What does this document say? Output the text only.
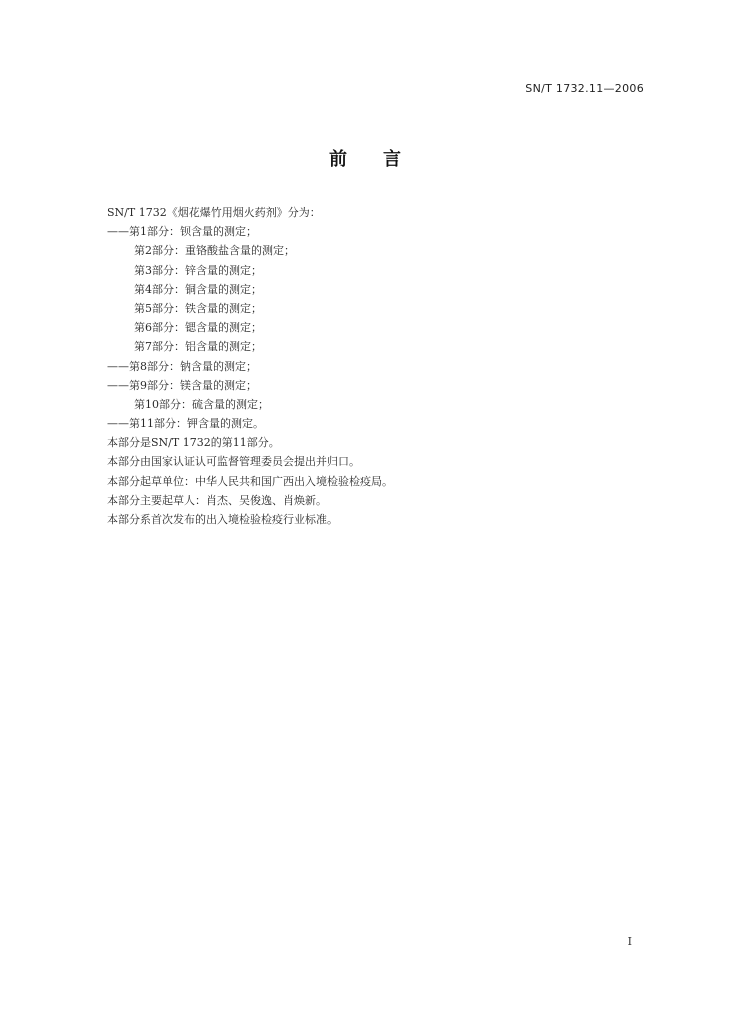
SN/T 1732.11—2006
前言
SN/T 1732《烟花爆竹用烟火药剂》分为：
——第1部分：钡含量的测定；
第2部分：重铬酸盐含量的测定；
第3部分：锌含量的测定；
第4部分：铜含量的测定；
第5部分：铁含量的测定；
第6部分：锶含量的测定；
第7部分：铝含量的测定；
——第8部分：钠含量的测定；
——第9部分：镁含量的测定；
第10部分：硫含量的测定；
——第11部分：钾含量的测定。
本部分是SN/T 1732的第11部分。
本部分由国家认证认可监督管理委员会提出并归口。
本部分起草单位：中华人民共和国广西出入境检验检疫局。
本部分主要起草人：肖杰、吴俊逸、肖焕新。
本部分系首次发布的出入境检验检疫行业标准。
I
